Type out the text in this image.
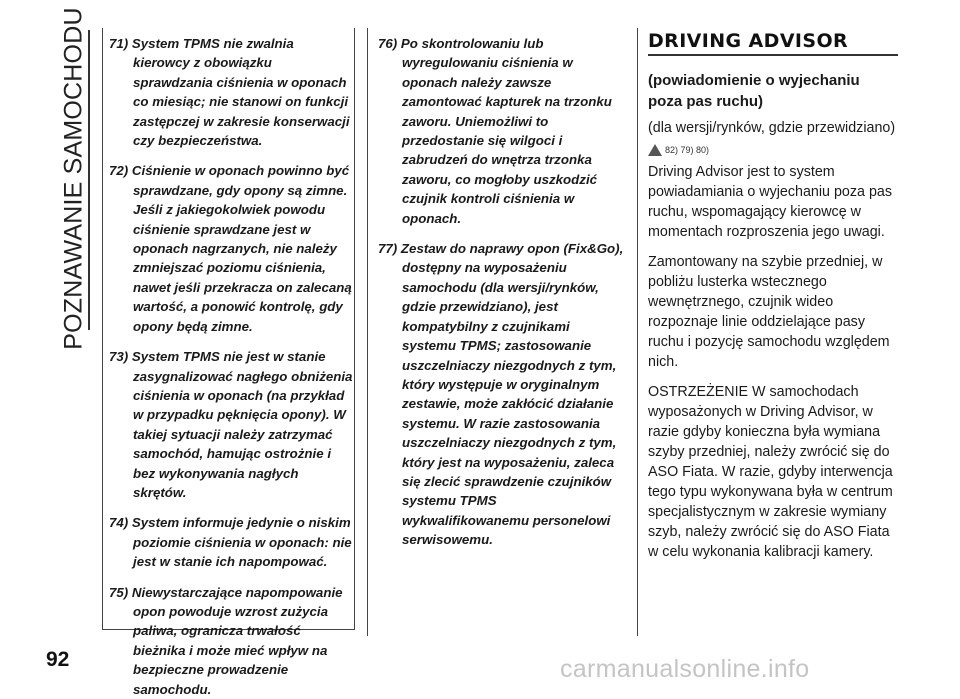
POZNAWANIE SAMOCHODU 71) System TPMS nie zwalnia kierowcy z obowiązku sprawdzania ciśnienia w oponach co miesiąc; nie stanowi on funkcji zastępczej w zakresie konserwacji czy bezpieczeństwa.

72) Ciśnienie w oponach powinno być sprawdzane, gdy opony są zimne. Jeśli z jakiegokolwiek powodu ciśnienie sprawdzane jest w oponach nagrzanych, nie należy zmniejszać poziomu ciśnienia, nawet jeśli przekracza on zalecaną wartość, a ponowić kontrolę, gdy opony będą zimne.

73) System TPMS nie jest w stanie zasygnalizować nagłego obniżenia ciśnienia w oponach (na przykład w przypadku pęknięcia opony). W takiej sytuacji należy zatrzymać samochód, hamując ostrożnie i bez wykonywania nagłych skrętów.

74) System informuje jedynie o niskim poziomie ciśnienia w oponach: nie jest w stanie ich napompować.

75) Niewystarczające napompowanie opon powoduje wzrost zużycia paliwa, ogranicza trwałość bieżnika i może mieć wpływ na bezpieczne prowadzenie samochodu.

76) Po skontrolowaniu lub wyregulowaniu ciśnienia w oponach należy zawsze zamontować kapturek na trzonku zaworu. Uniemożliwi to przedostanie się wilgoci i zabrudzeń do wnętrza trzonka zaworu, co mogłoby uszkodzić czujnik kontroli ciśnienia w oponach.

77) Zestaw do naprawy opon (Fix&Go), dostępny na wyposażeniu samochodu (dla wersji/rynków, gdzie przewidziano), jest kompatybilny z czujnikami systemu TPMS; zastosowanie uszczelniaczy niezgodnych z tym, który występuje w oryginalnym zestawie, może zakłócić działanie systemu. W razie zastosowania uszczelniaczy niezgodnych z tym, który jest na wyposażeniu, zaleca się zlecić sprawdzenie czujników systemu TPMS wykwalifikowanemu personelowi serwisowemu.

DRIVING ADVISOR

(powiadomienie o wyjechaniu poza pas ruchu)

(dla wersji/rynków, gdzie przewidziano)

82) 79) 80)

Driving Advisor jest to system powiadamiania o wyjechaniu poza pas ruchu, wspomagający kierowcę w momentach rozproszenia jego uwagi.

Zamontowany na szybie przedniej, w pobliżu lusterka wstecznego wewnętrznego, czujnik wideo rozpoznaje linie oddzielające pasy ruchu i pozycję samochodu względem nich.

OSTRZEŻENIE W samochodach wyposażonych w Driving Advisor, w razie gdyby konieczna była wymiana szyby przedniej, należy zwrócić się do ASO Fiata. W razie, gdyby interwencja tego typu wykonywana była w centrum specjalistycznym w zakresie wymiany szyb, należy zwrócić się do ASO Fiata w celu wykonania kalibracji kamery.

92	carmanualsonline.info
